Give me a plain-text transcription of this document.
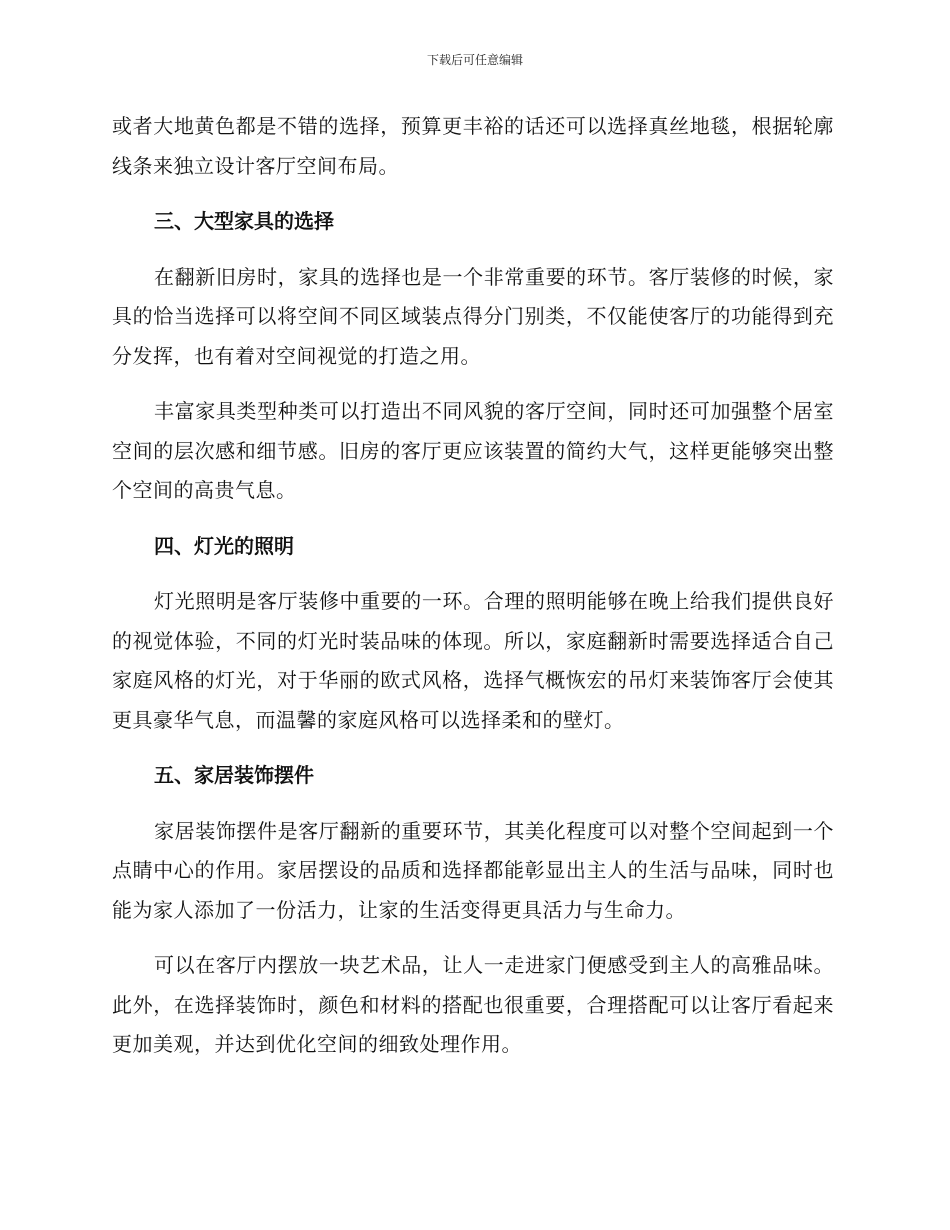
下载后可任意编辑

或者大地黄色都是不错的选择，预算更丰裕的话还可以选择真丝地毯，根据轮廓线条来独立设计客厅空间布局。

三、大型家具的选择

在翻新旧房时，家具的选择也是一个非常重要的环节。客厅装修的时候，家具的恰当选择可以将空间不同区域装点得分门别类，不仅能使客厅的功能得到充分发挥，也有着对空间视觉的打造之用。

丰富家具类型种类可以打造出不同风貌的客厅空间，同时还可加强整个居室空间的层次感和细节感。旧房的客厅更应该装置的简约大气，这样更能够突出整个空间的高贵气息。

四、灯光的照明

灯光照明是客厅装修中重要的一环。合理的照明能够在晚上给我们提供良好的视觉体验，不同的灯光时装品味的体现。所以，家庭翻新时需要选择适合自己家庭风格的灯光，对于华丽的欧式风格，选择气概恢宏的吊灯来装饰客厅会使其更具豪华气息，而温馨的家庭风格可以选择柔和的壁灯。

五、家居装饰摆件

家居装饰摆件是客厅翻新的重要环节，其美化程度可以对整个空间起到一个点睛中心的作用。家居摆设的品质和选择都能彰显出主人的生活与品味，同时也能为家人添加了一份活力，让家的生活变得更具活力与生命力。

可以在客厅内摆放一块艺术品，让人一走进家门便感受到主人的高雅品味。此外，在选择装饰时，颜色和材料的搭配也很重要，合理搭配可以让客厅看起来更加美观，并达到优化空间的细致处理作用。
